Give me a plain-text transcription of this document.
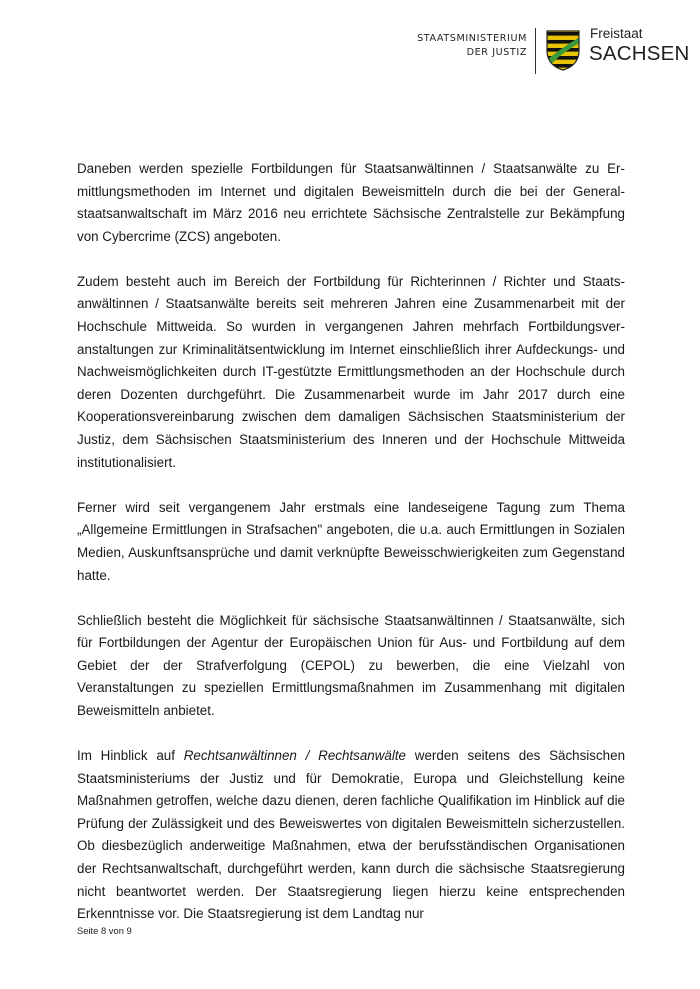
STAATSMINISTERIUM
DER JUSTIZ
Freistaat
SACHSEN

Daneben werden spezielle Fortbildungen für Staatsanwältinnen / Staatsanwälte zu Ermittlungsmethoden im Internet und digitalen Beweismitteln durch die bei der Generalstaatsanwaltschaft im März 2016 neu errichtete Sächsische Zentralstelle zur Bekämpfung von Cybercrime (ZCS) angeboten.

Zudem besteht auch im Bereich der Fortbildung für Richterinnen / Richter und Staatsanwältinnen / Staatsanwälte bereits seit mehreren Jahren eine Zusammenarbeit mit der Hochschule Mittweida. So wurden in vergangenen Jahren mehrfach Fortbildungsveranstaltungen zur Kriminalitätsentwicklung im Internet einschließlich ihrer Aufdeckungs- und Nachweismöglichkeiten durch IT-gestützte Ermittlungsmethoden an der Hochschule durch deren Dozenten durchgeführt. Die Zusammenarbeit wurde im Jahr 2017 durch eine Kooperationsvereinbarung zwischen dem damaligen Sächsischen Staatsministerium der Justiz, dem Sächsischen Staatsministerium des Inneren und der Hochschule Mittweida institutionalisiert.

Ferner wird seit vergangenem Jahr erstmals eine landeseigene Tagung zum Thema „Allgemeine Ermittlungen in Strafsachen" angeboten, die u.a. auch Ermittlungen in Sozialen Medien, Auskunftsansprüche und damit verknüpfte Beweisschwierigkeiten zum Gegenstand hatte.

Schließlich besteht die Möglichkeit für sächsische Staatsanwältinnen / Staatsanwälte, sich für Fortbildungen der Agentur der Europäischen Union für Aus- und Fortbildung auf dem Gebiet der der Strafverfolgung (CEPOL) zu bewerben, die eine Vielzahl von Veranstaltungen zu speziellen Ermittlungsmaßnahmen im Zusammenhang mit digitalen Beweismitteln anbietet.

Im Hinblick auf Rechtsanwältinnen / Rechtsanwälte werden seitens des Sächsischen Staatsministeriums der Justiz und für Demokratie, Europa und Gleichstellung keine Maßnahmen getroffen, welche dazu dienen, deren fachliche Qualifikation im Hinblick auf die Prüfung der Zulässigkeit und des Beweiswertes von digitalen Beweismitteln sicherzustellen. Ob diesbezüglich anderweitige Maßnahmen, etwa der berufsständischen Organisationen der Rechtsanwaltschaft, durchgeführt werden, kann durch die sächsische Staatsregierung nicht beantwortet werden. Der Staatsregierung liegen hierzu keine entsprechenden Erkenntnisse vor. Die Staatsregierung ist dem Landtag nur

Seite 8 von 9
